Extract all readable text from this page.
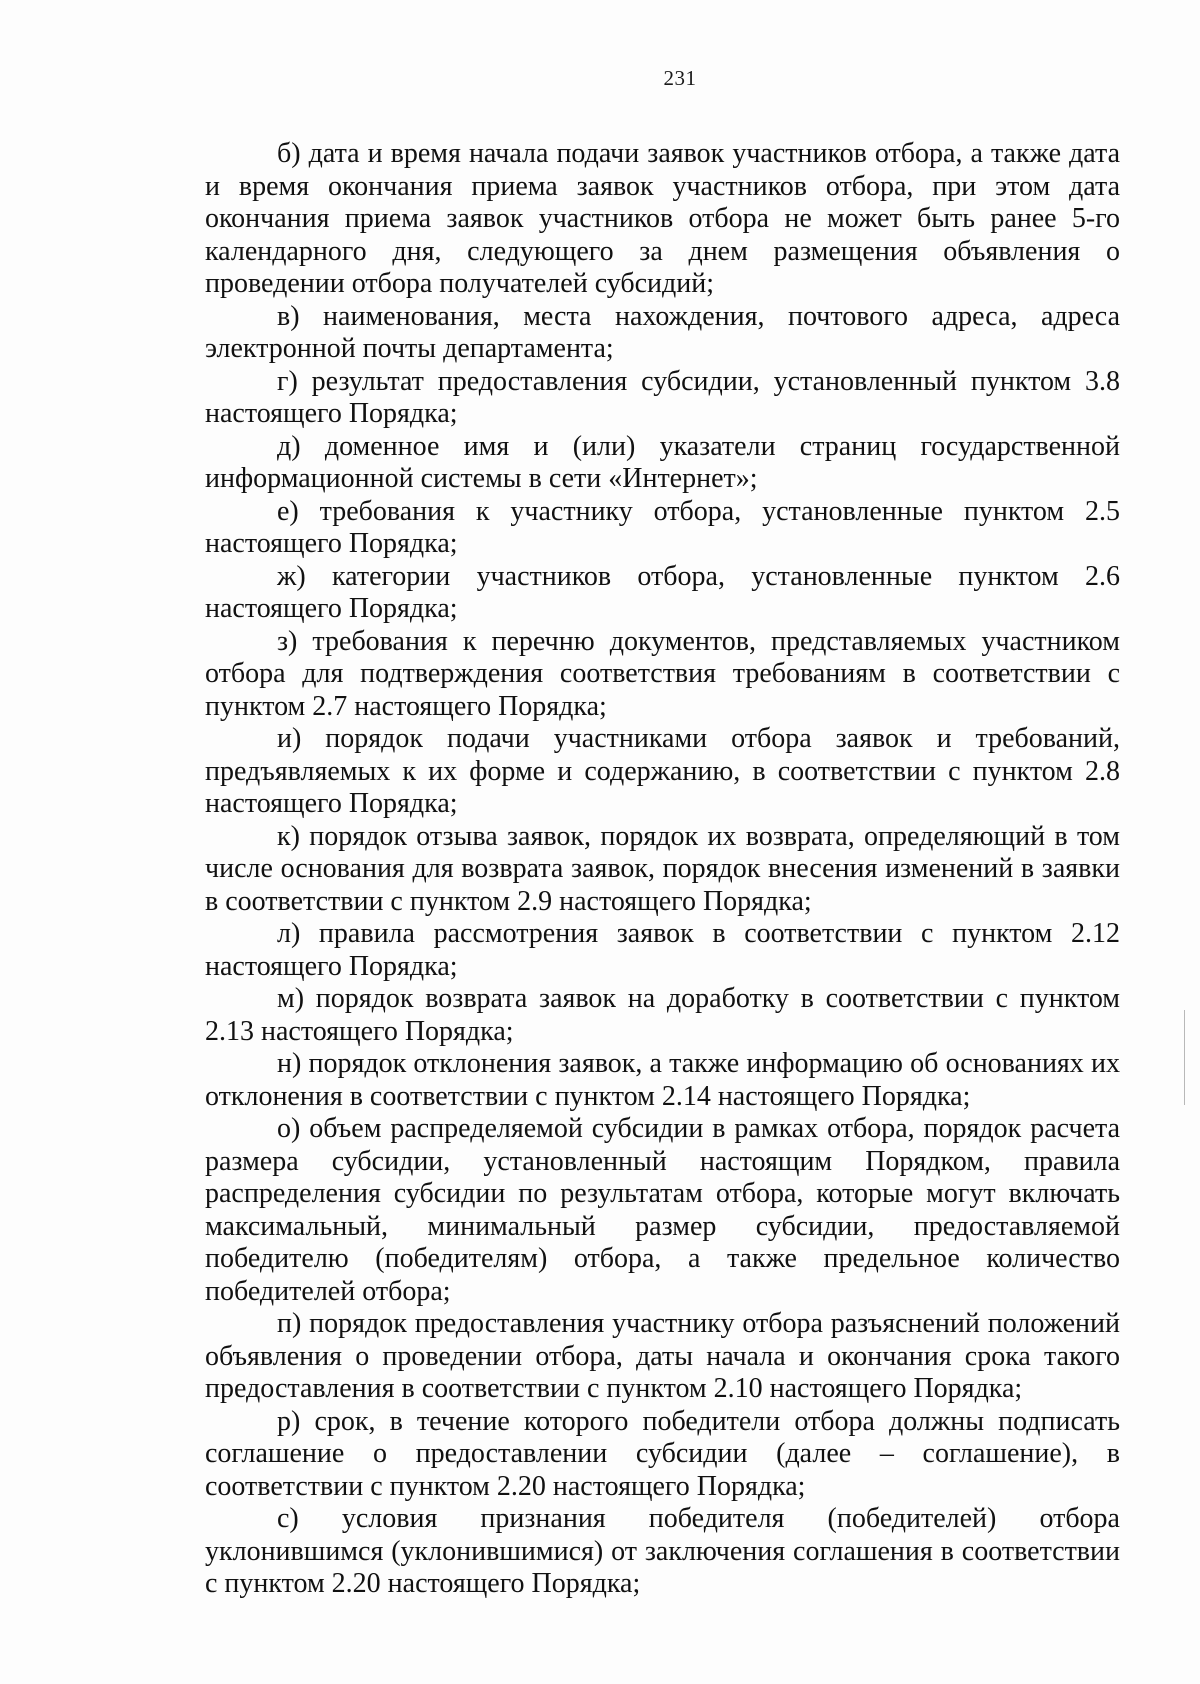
231

б) дата и время начала подачи заявок участников отбора, а также дата и время окончания приема заявок участников отбора, при этом дата окончания приема заявок участников отбора не может быть ранее 5-го календарного дня, следующего за днем размещения объявления о проведении отбора получателей субсидий;

в) наименования, места нахождения, почтового адреса, адреса электронной почты департамента;

г) результат предоставления субсидии, установленный пунктом 3.8 настоящего Порядка;

д) доменное имя и (или) указатели страниц государственной информационной системы в сети «Интернет»;

е) требования к участнику отбора, установленные пунктом 2.5 настоящего Порядка;

ж) категории участников отбора, установленные пунктом 2.6 настоящего Порядка;

з) требования к перечню документов, представляемых участником отбора для подтверждения соответствия требованиям в соответствии с пунктом 2.7 настоящего Порядка;

и) порядок подачи участниками отбора заявок и требований, предъявляемых к их форме и содержанию, в соответствии с пунктом 2.8 настоящего Порядка;

к) порядок отзыва заявок, порядок их возврата, определяющий в том числе основания для возврата заявок, порядок внесения изменений в заявки в соответствии с пунктом 2.9 настоящего Порядка;

л) правила рассмотрения заявок в соответствии с пунктом 2.12 настоящего Порядка;

м) порядок возврата заявок на доработку в соответствии с пунктом 2.13 настоящего Порядка;

н) порядок отклонения заявок, а также информацию об основаниях их отклонения в соответствии с пунктом 2.14 настоящего Порядка;

о) объем распределяемой субсидии в рамках отбора, порядок расчета размера субсидии, установленный настоящим Порядком, правила распределения субсидии по результатам отбора, которые могут включать максимальный, минимальный размер субсидии, предоставляемой победителю (победителям) отбора, а также предельное количество победителей отбора;

п) порядок предоставления участнику отбора разъяснений положений объявления о проведении отбора, даты начала и окончания срока такого предоставления в соответствии с пунктом 2.10 настоящего Порядка;

р) срок, в течение которого победители отбора должны подписать соглашение о предоставлении субсидии (далее – соглашение), в соответствии с пунктом 2.20 настоящего Порядка;

с) условия признания победителя (победителей) отбора уклонившимся (уклонившимися) от заключения соглашения в соответствии с пунктом 2.20 настоящего Порядка;
